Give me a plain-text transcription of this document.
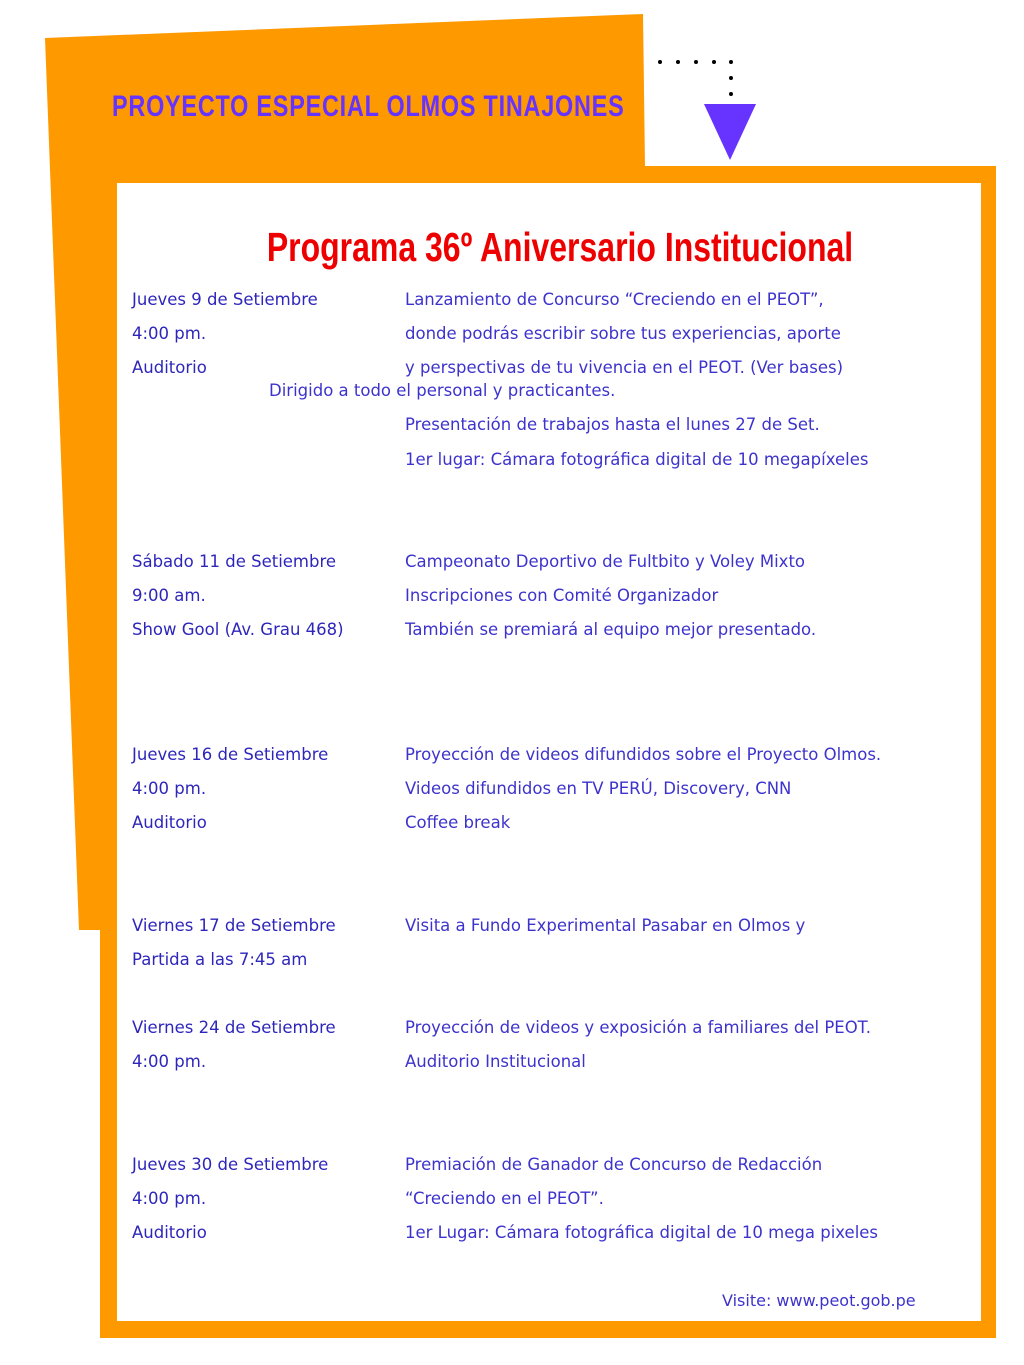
PROYECTO ESPECIAL OLMOS TINAJONES
Programa 36º Aniversario Institucional
Jueves 9 de Setiembre
4:00 pm.
Auditorio
Lanzamiento de Concurso “Creciendo en el PEOT”,
donde podrás escribir sobre tus experiencias, aporte
y perspectivas de tu vivencia en el PEOT. (Ver bases)
Dirigido a todo el personal y practicantes.
Presentación de trabajos hasta el lunes 27 de Set.
1er lugar: Cámara fotográfica digital de 10 megapíxeles
Sábado 11 de Setiembre
9:00 am.
Show Gool (Av. Grau 468)
Campeonato Deportivo de Fultbito y Voley Mixto
Inscripciones con Comité Organizador
También se premiará al equipo mejor presentado.
Jueves 16 de Setiembre
4:00 pm.
Auditorio
Proyección de videos difundidos sobre el Proyecto Olmos.
Videos difundidos en TV PERÚ, Discovery, CNN
Coffee break
Viernes 17 de Setiembre
Partida a las 7:45 am
Visita a Fundo Experimental Pasabar en Olmos y
Viernes 24 de Setiembre
4:00 pm.
Proyección de videos y exposición a familiares del PEOT.
Auditorio Institucional
Jueves 30 de Setiembre
4:00 pm.
Auditorio
Premiación de Ganador de Concurso de Redacción
“Creciendo en el PEOT”.
1er Lugar: Cámara fotográfica digital de 10 mega pixeles
Visite: www.peot.gob.pe
